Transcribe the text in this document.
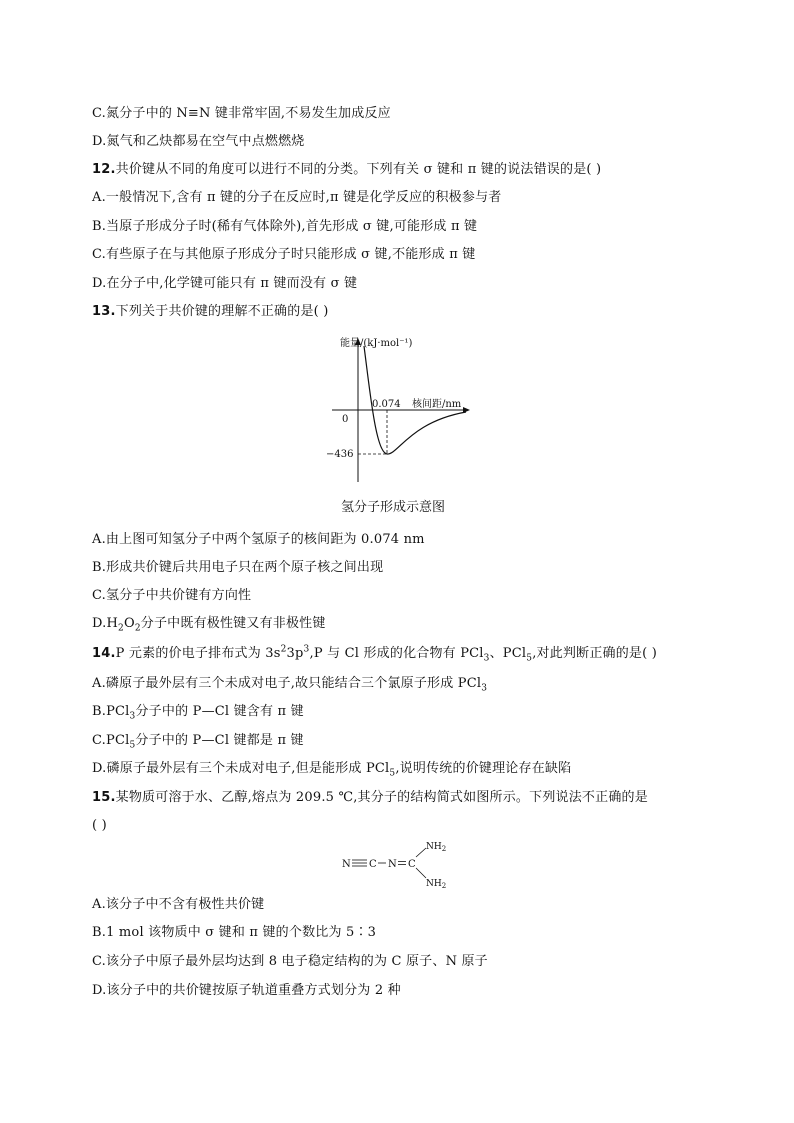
C.氮分子中的 N≡N 键非常牢固,不易发生加成反应
D.氮气和乙炔都易在空气中点燃燃烧
12.共价键从不同的角度可以进行不同的分类。下列有关 σ 键和 π 键的说法错误的是( )
A.一般情况下,含有 π 键的分子在反应时,π 键是化学反应的积极参与者
B.当原子形成分子时(稀有气体除外),首先形成 σ 键,可能形成 π 键
C.有些原子在与其他原子形成分子时只能形成 σ 键,不能形成 π 键
D.在分子中,化学键可能只有 π 键而没有 σ 键
13.下列关于共价键的理解不正确的是( )
能量/(kJ·mol⁻¹)
核间距/nm
0.074
0
−436
氢分子形成示意图
A.由上图可知氢分子中两个氢原子的核间距为 0.074 nm
B.形成共价键后共用电子只在两个原子核之间出现
C.氢分子中共价键有方向性
$D.H_2O_2$分子中既有极性键又有非极性键
14.P 元素的价电子排布式为 $3s^23p^3,P$ 与 Cl 形成的化合物有 PCl$_3$、PCl$_5$,对此判断正确的是( )
A.磷原子最外层有三个未成对电子,故只能结合三个氯原子形成 PCl$_3$
B.PCl$_3$分子中的 P—Cl 键含有 π 键
C.PCl$_5$分子中的 P—Cl 键都是 π 键
D.磷原子最外层有三个未成对电子,但是能形成 PCl$_5$,说明传统的价键理论存在缺陷
15.某物质可溶于水、乙醇,熔点为 209.5 ℃,其分子的结构简式如图所示。下列说法不正确的是
( )
N C N C
$NH_2$
$NH_2$
A.该分子中不含有极性共价键
B.1 mol 该物质中 σ 键和 π 键的个数比为 5∶3
C.该分子中原子最外层均达到 8 电子稳定结构的为 C 原子、N 原子
D.该分子中的共价键按原子轨道重叠方式划分为 2 种
